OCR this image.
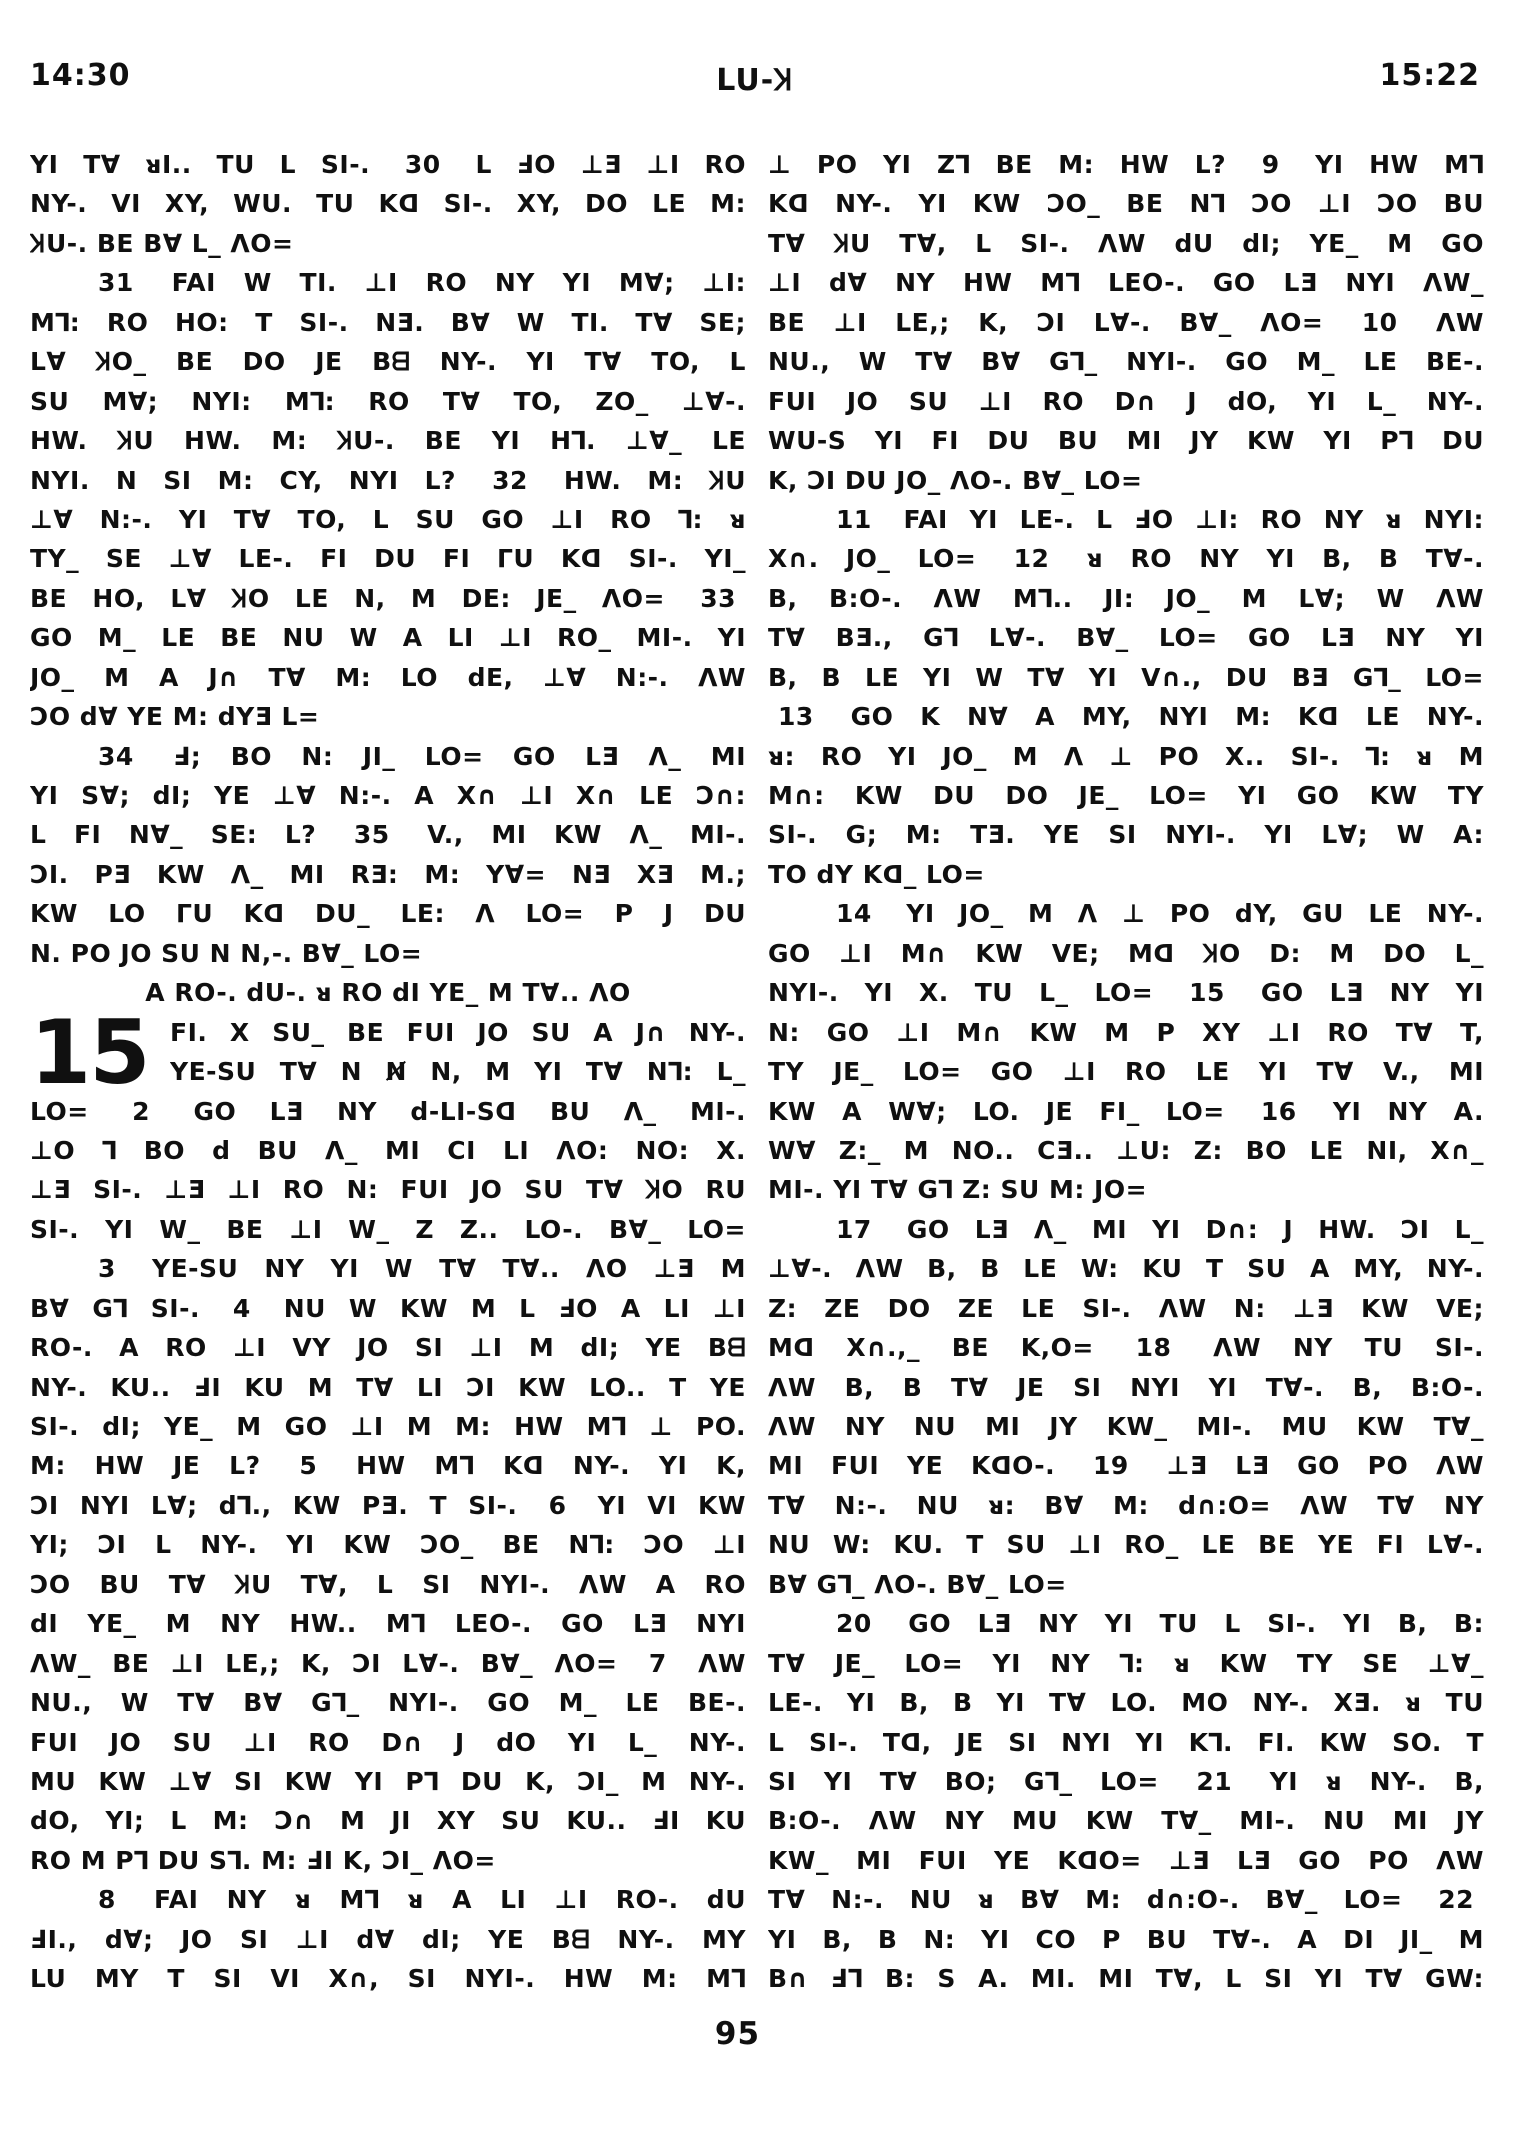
14:30	LU-Ʞ	15:22
YI T∀ ᴚI.. TU L SI-. 30 L ℲO ⊥Ǝ ⊥I RO
NY-. VI XY, WU. TU Kᗡ SI-. XY, DO LE M:
ꞰU-. BE B∀ L_ ΛO=
31 FAI W TI. ⊥I RO NY YI M∀; ⊥I:
M⅂: RO HO: T SI-. NƎ. B∀ W TI. T∀ SE;
L∀ ꞰO_ BE DO JE Bᗺ NY-. YI T∀ TO, L
SU M∀; NYI: M⅂: RO T∀ TO, ZO_ ⊥∀-.
HW. ꞰU HW. M: ꞰU-. BE YI H⅂. ⊥∀_ LE
NYI. N SI M: CY, NYI L? 32 HW. M: ꞰU
⊥∀ N:-. YI T∀ TO, L SU GO ⊥I RO ⅂: ᴚ
TY_ SE ⊥∀ LE-. FI DU FI ΓU Kᗡ SI-. YI_
BE HO, L∀ ꞰO LE N, M DE: JE_ ΛO= 33
GO M_ LE BE NU W A LI ⊥I RO_ MI-. YI
JO_ M A J∩ T∀ M: LO dE, ⊥∀ N:-. ΛW
ƆO d∀ YE M: dYƎ L=
34 Ⅎ; BO N: JI_ LO= GO LƎ Λ_ MI
YI S∀; dI; YE ⊥∀ N:-. A X∩ ⊥I X∩ LE Ɔ∩:
L FI N∀_ SE: L? 35 V., MI KW Λ_ MI-.
ƆI. PƎ KW Λ_ MI RƎ: M: Y∀= NƎ XƎ M.;
KW LO ΓU Kᗡ DU_ LE: Λ LO= P J DU
N. PO JO SU N N,-. B∀_ LO=
A RO-. dU-. ᴚ RO dI YE_ M T∀.. ΛO
15 FI. X SU_ BE FUI JO SU A J∩ NY-.
YE-SU T∀ N N̸ N, M YI T∀ N⅂: L_
LO= 2 GO LƎ NY d-LI-Sᗡ BU Λ_ MI-.
⊥O ⅂ BO d BU Λ_ MI CI LI ΛO: NO: X.
⊥Ǝ SI-. ⊥Ǝ ⊥I RO N: FUI JO SU T∀ ꞰO RU
SI-. YI W_ BE ⊥I W_ Z Z.. LO-. B∀_ LO=
3 YE-SU NY YI W T∀ T∀.. ΛO ⊥Ǝ M
B∀ G⅂ SI-. 4 NU W KW M L ℲO A LI ⊥I
RO-. A RO ⊥I VY JO SI ⊥I M dI; YE Bᗺ
NY-. KU.. ℲI KU M T∀ LI ƆI KW LO.. T YE
SI-. dI; YE_ M GO ⊥I M M: HW M⅂ ⊥ PO.
M: HW JE L? 5 HW M⅂ Kᗡ NY-. YI K,
ƆI NYI L∀; d⅂., KW PƎ. T SI-. 6 YI VI KW
YI; ƆI L NY-. YI KW ƆO_ BE N⅂: ƆO ⊥I
ƆO BU T∀ ꞰU T∀, L SI NYI-. ΛW A RO
dI YE_ M NY HW.. M⅂ LEO-. GO LƎ NYI
ΛW_ BE ⊥I LE,; K, ƆI L∀-. B∀_ ΛO= 7 ΛW
NU., W T∀ B∀ G⅂_ NYI-. GO M_ LE BE-.
FUI JO SU ⊥I RO D∩ J dO YI L_ NY-.
MU KW ⊥∀ SI KW YI P⅂ DU K, ƆI_ M NY-.
dO, YI; L M: Ɔ∩ M JI XY SU KU.. ℲI KU
RO M P⅂ DU S⅂. M: ℲI K, ƆI_ ΛO=
8 FAI NY ᴚ M⅂ ᴚ A LI ⊥I RO-. dU
ℲI., d∀; JO SI ⊥I d∀ dI; YE Bᗺ NY-. MY
LU MY T SI VI X∩, SI NYI-. HW M: M⅂
⊥ PO YI Z⅂ BE M: HW L? 9 YI HW M⅂
Kᗡ NY-. YI KW ƆO_ BE N⅂ ƆO ⊥I ƆO BU
T∀ ꞰU T∀, L SI-. ΛW dU dI; YE_ M GO
⊥I d∀ NY HW M⅂ LEO-. GO LƎ NYI ΛW_
BE ⊥I LE,; K, ƆI L∀-. B∀_ ΛO= 10 ΛW
NU., W T∀ B∀ G⅂_ NYI-. GO M_ LE BE-.
FUI JO SU ⊥I RO D∩ J dO, YI L_ NY-.
WU-S YI FI DU BU MI JY KW YI P⅂ DU
K, ƆI DU JO_ ΛO-. B∀_ LO=
11 FAI YI LE-. L ℲO ⊥I: RO NY ᴚ NYI:
X∩. JO_ LO= 12 ᴚ RO NY YI B, B T∀-.
B, B:O-. ΛW M⅂.. JI: JO_ M L∀; W ΛW
T∀ BƎ., G⅂ L∀-. B∀_ LO= GO LƎ NY YI
B, B LE YI W T∀ YI V∩., DU BƎ G⅂_ LO=
13 GO K N∀ A MY, NYI M: Kᗡ LE NY-.
ᴚ: RO YI JO_ M Λ ⊥ PO X.. SI-. ⅂: ᴚ M
M∩: KW DU DO JE_ LO= YI GO KW TY
SI-. G; M: TƎ. YE SI NYI-. YI L∀; W A:
TO dY Kᗡ_ LO=
14 YI JO_ M Λ ⊥ PO dY, GU LE NY-.
GO ⊥I M∩ KW VE; Mᗡ ꞰO D: M DO L_
NYI-. YI X. TU L_ LO= 15 GO LƎ NY YI
N: GO ⊥I M∩ KW M P XY ⊥I RO T∀ T,
TY JE_ LO= GO ⊥I RO LE YI T∀ V., MI
KW A W∀; LO. JE FI_ LO= 16 YI NY A.
W∀ Z:_ M NO.. CƎ.. ⊥U: Z: BO LE NI, X∩_
MI-. YI T∀ G⅂ Z: SU M: JO=
17 GO LƎ Λ_ MI YI D∩: J HW. ƆI L_
⊥∀-. ΛW B, B LE W: KU T SU A MY, NY-.
Z: ZE DO ZE LE SI-. ΛW N: ⊥Ǝ KW VE;
Mᗡ X∩.,_ BE K,O= 18 ΛW NY TU SI-.
ΛW B, B T∀ JE SI NYI YI T∀-. B, B:O-.
ΛW NY NU MI JY KW_ MI-. MU KW T∀_
MI FUI YE KᗡO-. 19 ⊥Ǝ LƎ GO PO ΛW
T∀ N:-. NU ᴚ: B∀ M: d∩:O= ΛW T∀ NY
NU W: KU. T SU ⊥I RO_ LE BE YE FI L∀-.
B∀ G⅂_ ΛO-. B∀_ LO=
20 GO LƎ NY YI TU L SI-. YI B, B:
T∀ JE_ LO= YI NY ⅂: ᴚ KW TY SE ⊥∀_
LE-. YI B, B YI T∀ LO. MO NY-. XƎ. ᴚ TU
L SI-. Tᗡ, JE SI NYI YI K⅂. FI. KW SO. T
SI YI T∀ BO; G⅂_ LO= 21 YI ᴚ NY-. B,
B:O-. ΛW NY MU KW T∀_ MI-. NU MI JY
KW_ MI FUI YE KᗡO= ⊥Ǝ LƎ GO PO ΛW
T∀ N:-. NU ᴚ B∀ M: d∩:O-. B∀_ LO= 22
YI B, B N: YI CO P BU T∀-. A DI JI_ M
B∩ Ⅎ⅂ B: S A. MI. MI T∀, L SI YI T∀ GW:
95
